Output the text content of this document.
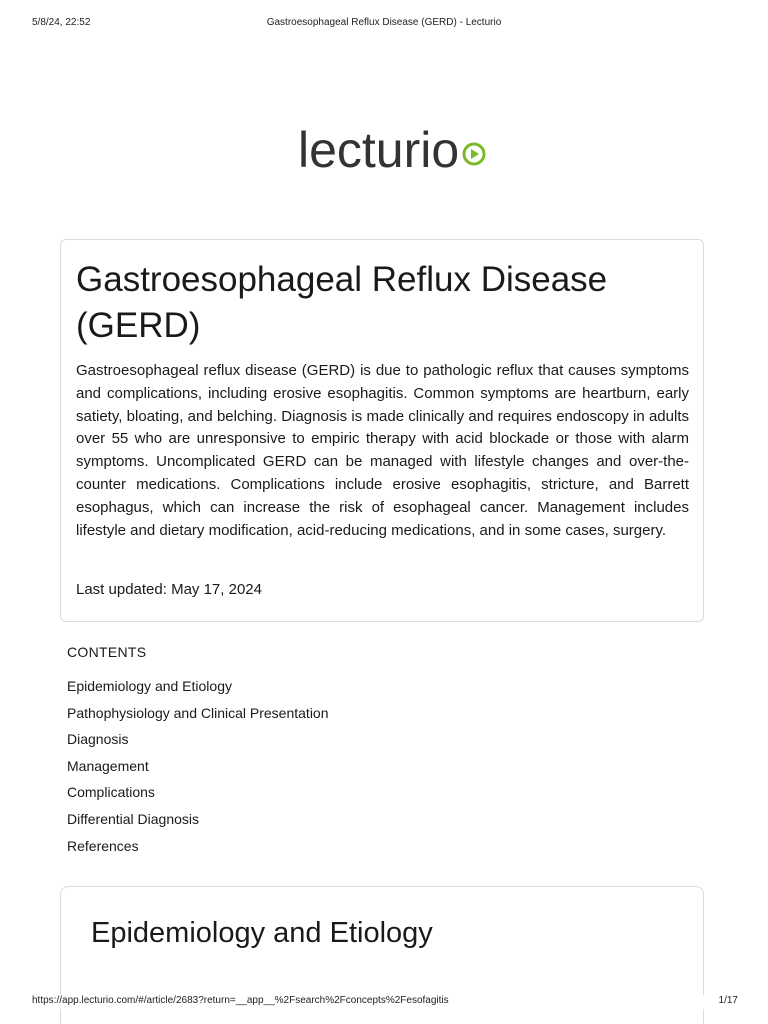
Gastroesophageal Reflux Disease (GERD) - Lecturio
5/8/24, 22:52
lecturio
Gastroesophageal Reflux Disease (GERD)

Gastroesophageal reflux disease (GERD) is due to pathologic reflux that causes symptoms and complications, including erosive esophagitis. Common symptoms are heartburn, early satiety, bloating, and belching. Diagnosis is made clinically and requires endoscopy in adults over 55 who are unresponsive to empiric therapy with acid blockade or those with alarm symptoms. Uncomplicated GERD can be managed with lifestyle changes and over-the-counter medications. Complications include erosive esophagitis, stricture, and Barrett esophagus, which can increase the risk of esophageal cancer. Management includes lifestyle and dietary modification, acid-reducing medications, and in some cases, surgery.

Last updated: May 17, 2024
CONTENTS
Epidemiology and Etiology
Pathophysiology and Clinical Presentation
Diagnosis
Management
Complications
Differential Diagnosis
References
Epidemiology and Etiology
https://app.lecturio.com/#/article/2683?return=__app__%2Fsearch%2Fconcepts%2Fesofagitis	1/17
